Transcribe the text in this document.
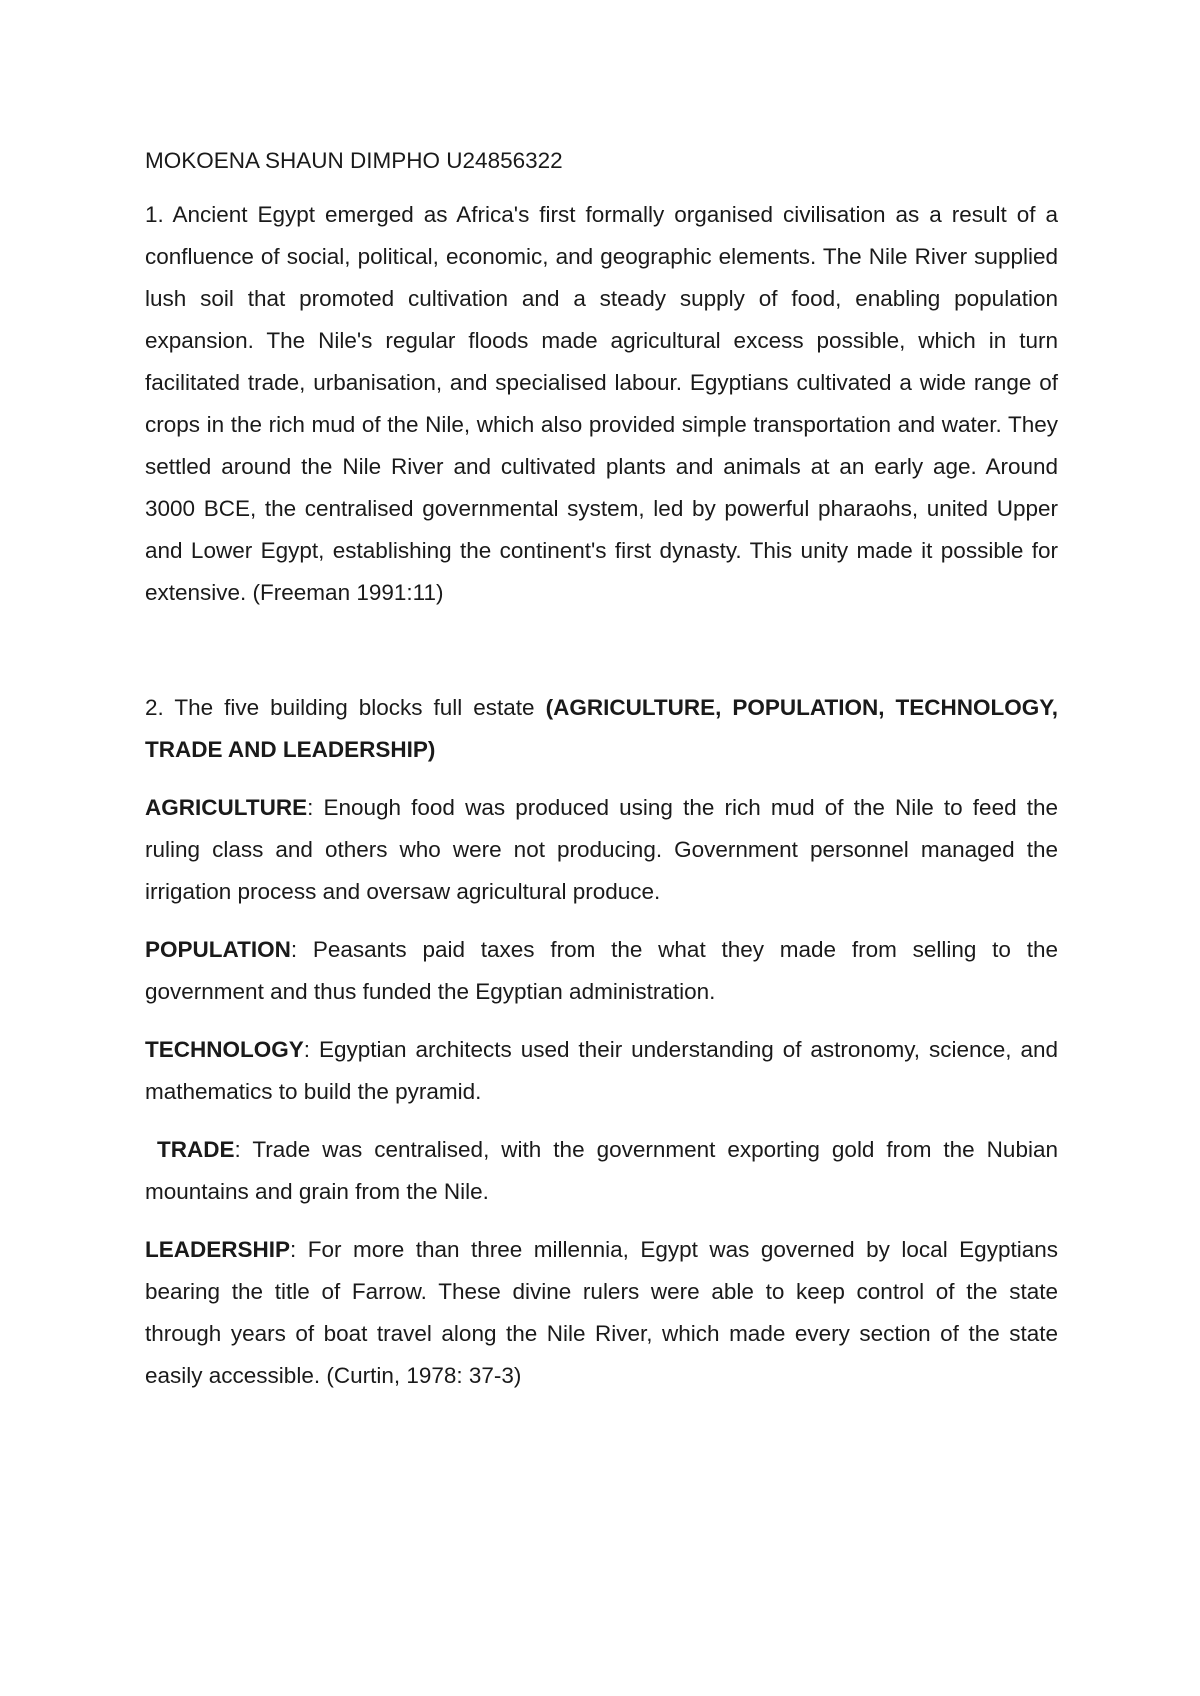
MOKOENA SHAUN DIMPHO U24856322

1. Ancient Egypt emerged as Africa's first formally organised civilisation as a result of a confluence of social, political, economic, and geographic elements. The Nile River supplied lush soil that promoted cultivation and a steady supply of food, enabling population expansion. The Nile's regular floods made agricultural excess possible, which in turn facilitated trade, urbanisation, and specialised labour. Egyptians cultivated a wide range of crops in the rich mud of the Nile, which also provided simple transportation and water. They settled around the Nile River and cultivated plants and animals at an early age. Around 3000 BCE, the centralised governmental system, led by powerful pharaohs, united Upper and Lower Egypt, establishing the continent's first dynasty. This unity made it possible for extensive. (Freeman 1991:11)

2. The five building blocks full estate (AGRICULTURE, POPULATION, TECHNOLOGY, TRADE AND LEADERSHIP)

AGRICULTURE: Enough food was produced using the rich mud of the Nile to feed the ruling class and others who were not producing. Government personnel managed the irrigation process and oversaw agricultural produce.

POPULATION: Peasants paid taxes from the what they made from selling to the government and thus funded the Egyptian administration.

TECHNOLOGY: Egyptian architects used their understanding of astronomy, science, and mathematics to build the pyramid.

TRADE: Trade was centralised, with the government exporting gold from the Nubian mountains and grain from the Nile.

LEADERSHIP: For more than three millennia, Egypt was governed by local Egyptians bearing the title of Farrow. These divine rulers were able to keep control of the state through years of boat travel along the Nile River, which made every section of the state easily accessible. (Curtin, 1978: 37-3)
